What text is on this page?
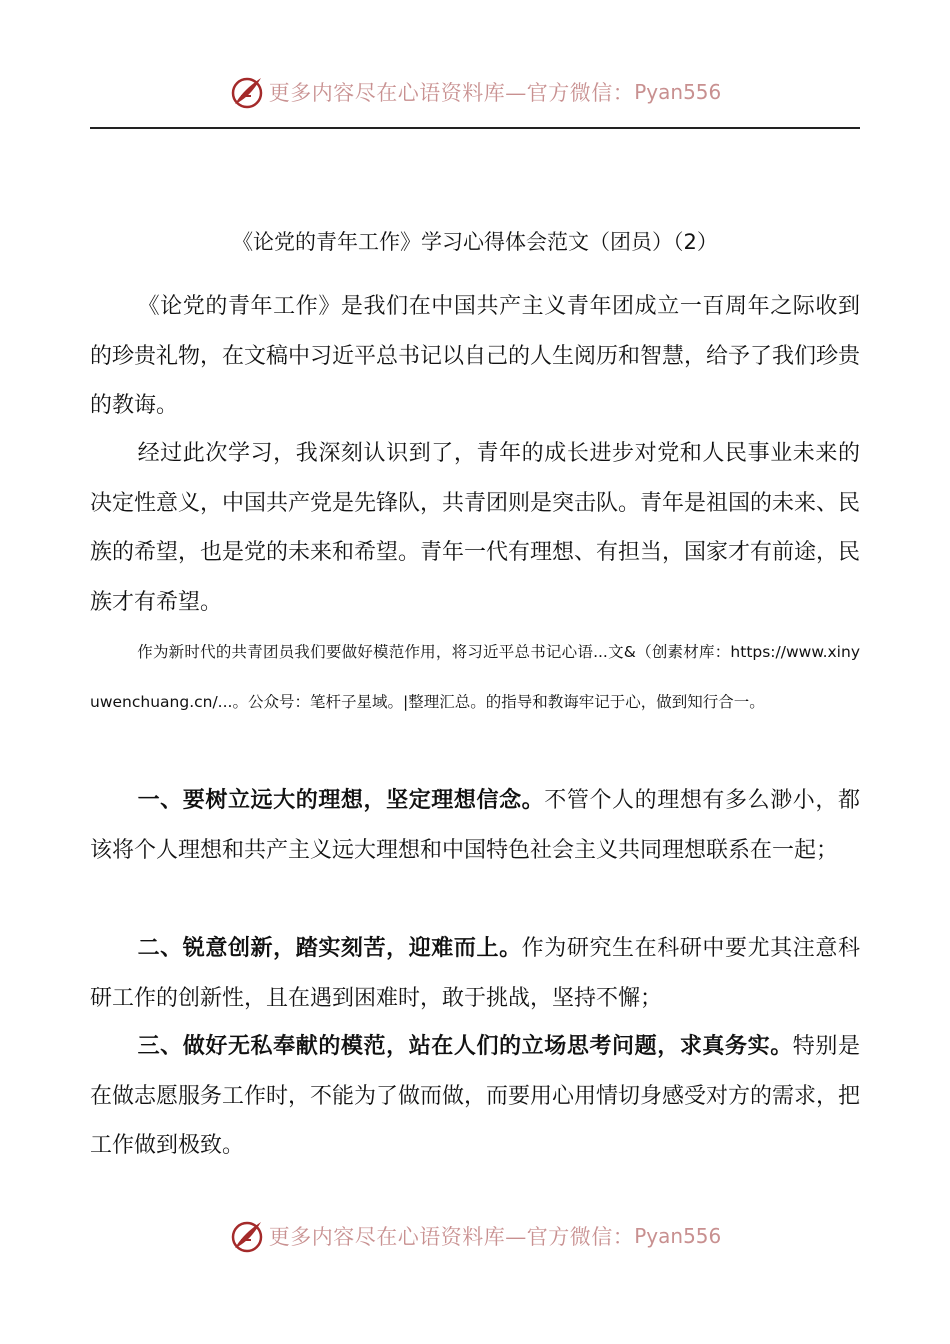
更多内容尽在心语资料库—官方微信： Pyan556
《论党的青年工作》学习心得体会范文（团员）（2）

《论党的青年工作》是我们在中国共产主义青年团成立一百周年之际收到的珍贵礼物，在文稿中习近平总书记以自己的人生阅历和智慧，给予了我们珍贵的教诲。

经过此次学习，我深刻认识到了，青年的成长进步对党和人民事业未来的决定性意义，中国共产党是先锋队，共青团则是突击队。青年是祖国的未来、民族的希望，也是党的未来和希望。青年一代有理想、有担当，国家才有前途，民族才有希望。

作为新时代的共青团员我们要做好模范作用，将习近平总书记心语...文&（创素材库：https://www.xinyuwenchuang.cn/...。公众号：笔杆子星域。|整理汇总。的指导和教诲牢记于心，做到知行合一。

一、要树立远大的理想，坚定理想信念。不管个人的理想有多么渺小，都该将个人理想和共产主义远大理想和中国特色社会主义共同理想联系在一起；

二、锐意创新，踏实刻苦，迎难而上。作为研究生在科研中要尤其注意科研工作的创新性，且在遇到困难时，敢于挑战，坚持不懈；

三、做好无私奉献的模范，站在人们的立场思考问题，求真务实。特别是在做志愿服务工作时，不能为了做而做，而要用心用情切身感受对方的需求，把工作做到极致。

更多内容尽在心语资料库—官方微信： Pyan556
